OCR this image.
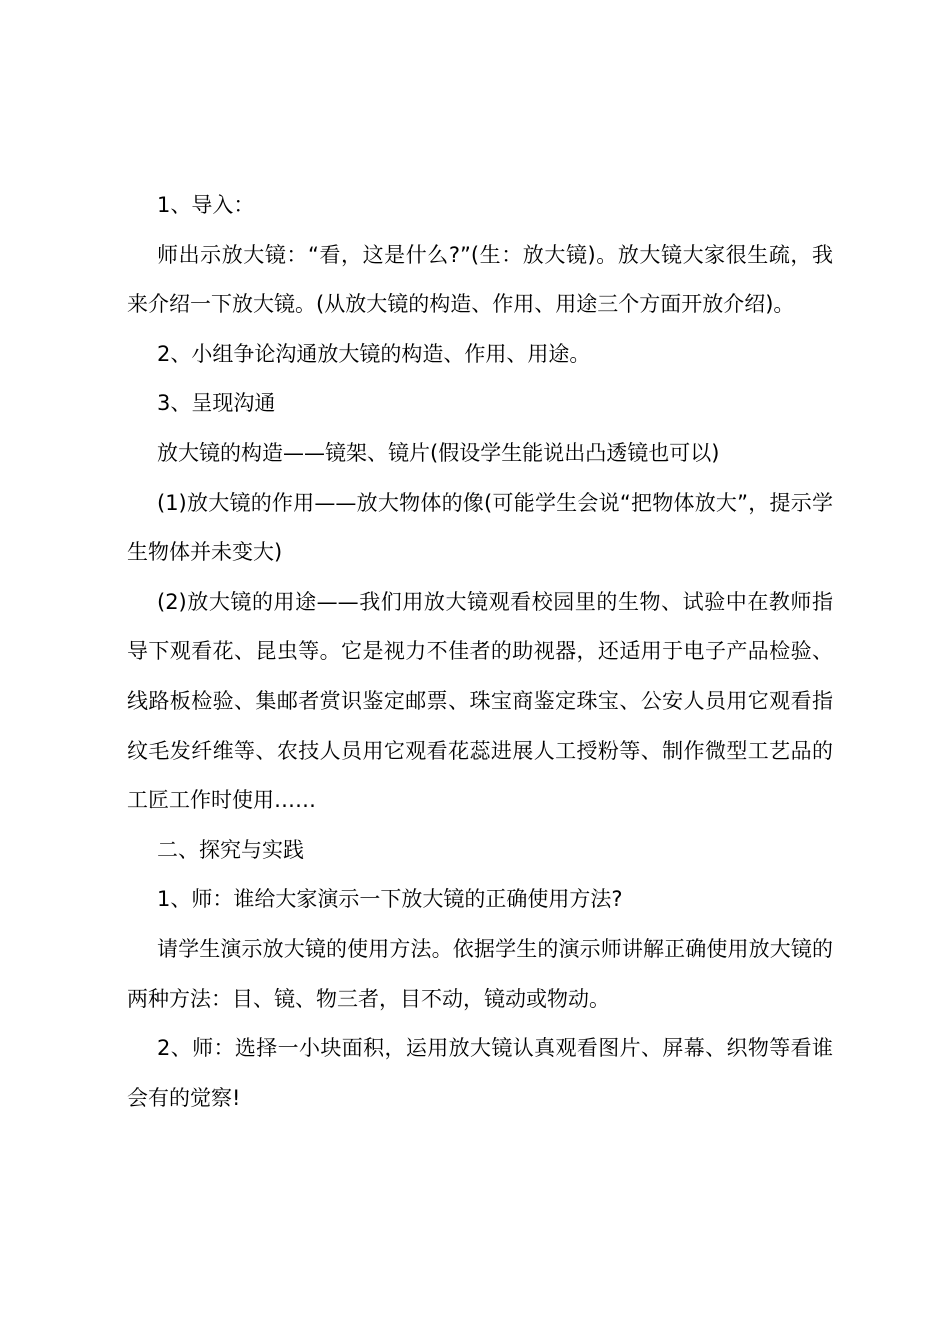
1、导入：

师出示放大镜：“看，这是什么?”(生：放大镜)。放大镜大家很生疏，我来介绍一下放大镜。(从放大镜的构造、作用、用途三个方面开放介绍)。

2、小组争论沟通放大镜的构造、作用、用途。

3、呈现沟通

放大镜的构造——镜架、镜片(假设学生能说出凸透镜也可以)

(1)放大镜的作用——放大物体的像(可能学生会说“把物体放大”，提示学生物体并未变大)

(2)放大镜的用途——我们用放大镜观看校园里的生物、试验中在教师指导下观看花、昆虫等。它是视力不佳者的助视器，还适用于电子产品检验、线路板检验、集邮者赏识鉴定邮票、珠宝商鉴定珠宝、公安人员用它观看指纹毛发纤维等、农技人员用它观看花蕊进展人工授粉等、制作微型工艺品的工匠工作时使用……

二、探究与实践

1、师：谁给大家演示一下放大镜的正确使用方法?

请学生演示放大镜的使用方法。依据学生的演示师讲解正确使用放大镜的两种方法：目、镜、物三者，目不动，镜动或物动。

2、师：选择一小块面积，运用放大镜认真观看图片、屏幕、织物等看谁会有的觉察!
